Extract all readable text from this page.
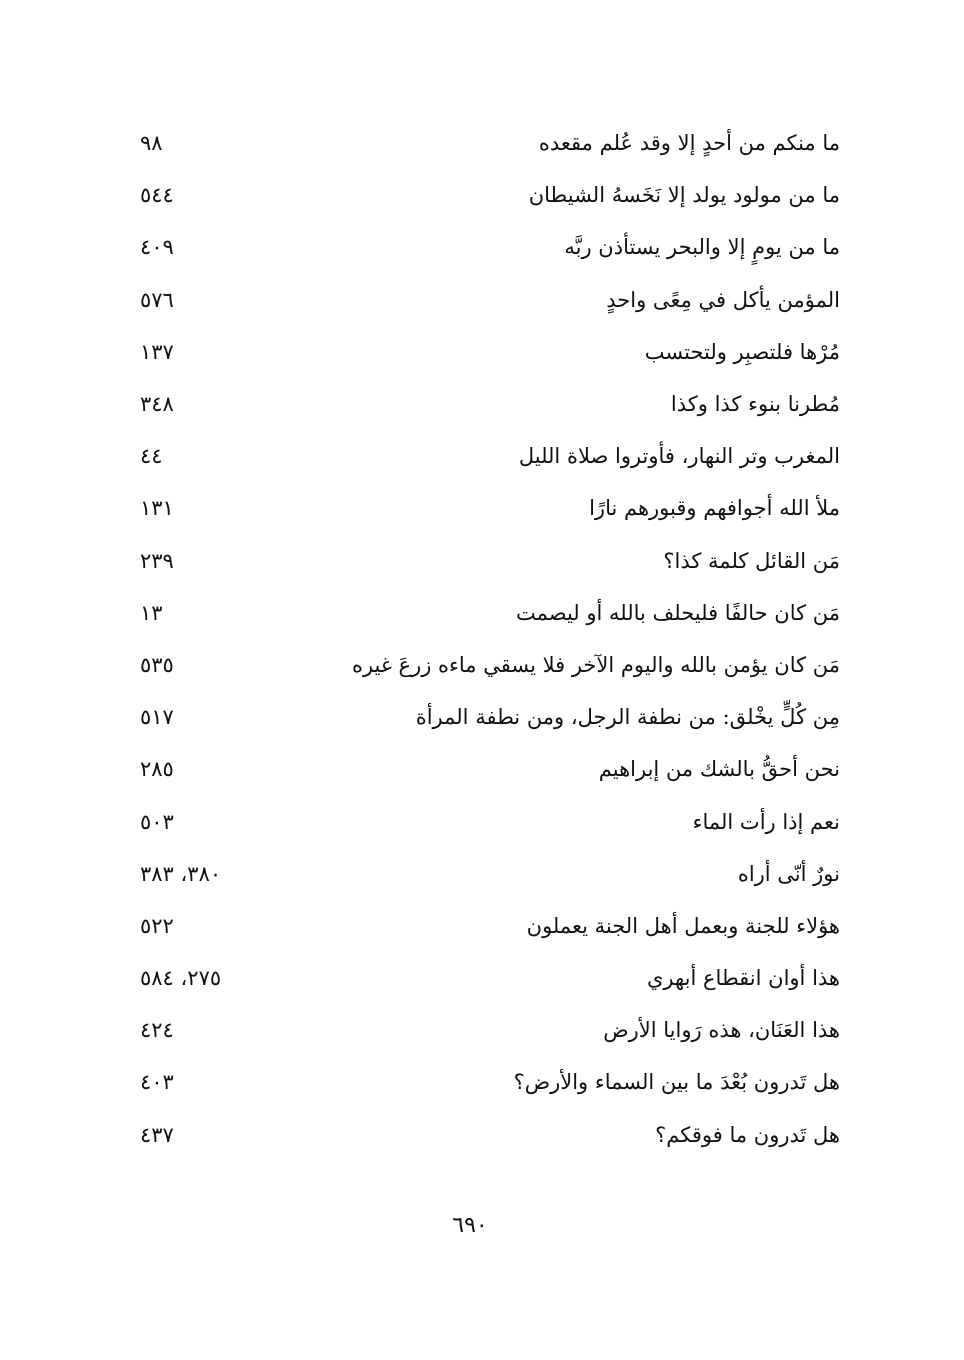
ما منكم من أحدٍ إلا وقد عُلم مقعده
٩٨
ما من مولود يولد إلا نَخَسهُ الشيطان
٥٤٤
ما من يومٍ إلا والبحر يستأذن ربَّه
٤٠٩
المؤمن يأكل في مِعًى واحدٍ
٥٧٦
مُرْها فلتصبِر ولتحتسب
١٣٧
مُطرنا بنوء كذا وكذا
٣٤٨
المغرب وتر النهار، فأوتروا صلاة الليل
٤٤
ملأ الله أجوافهم وقبورهم نارًا
١٣١
مَن القائل كلمة كذا؟
٢٣٩
مَن كان حالفًا فليحلف بالله أو ليصمت
١٣
مَن كان يؤمن بالله واليوم الآخر فلا يسقي ماءه زرعَ غيره
٥٣٥
مِن كُلٍّ يخْلق: من نطفة الرجل، ومن نطفة المرأة
٥١٧
نحن أحقُّ بالشك من إبراهيم
٢٨٥
نعم إذا رأت الماء
٥٠٣
نورٌ أنّى أراه
٣٨٠، ٣٨٣
هؤلاء للجنة وبعمل أهل الجنة يعملون
٥٢٢
هذا أوان انقطاع أبهري
٢٧٥، ٥٨٤
هذا العَنَان، هذه رَوايا الأرض
٤٢٤
هل تَدرون بُعْدَ ما بين السماء والأرض؟
٤٠٣
هل تَدرون ما فوقكم؟
٤٣٧
٦٩٠
